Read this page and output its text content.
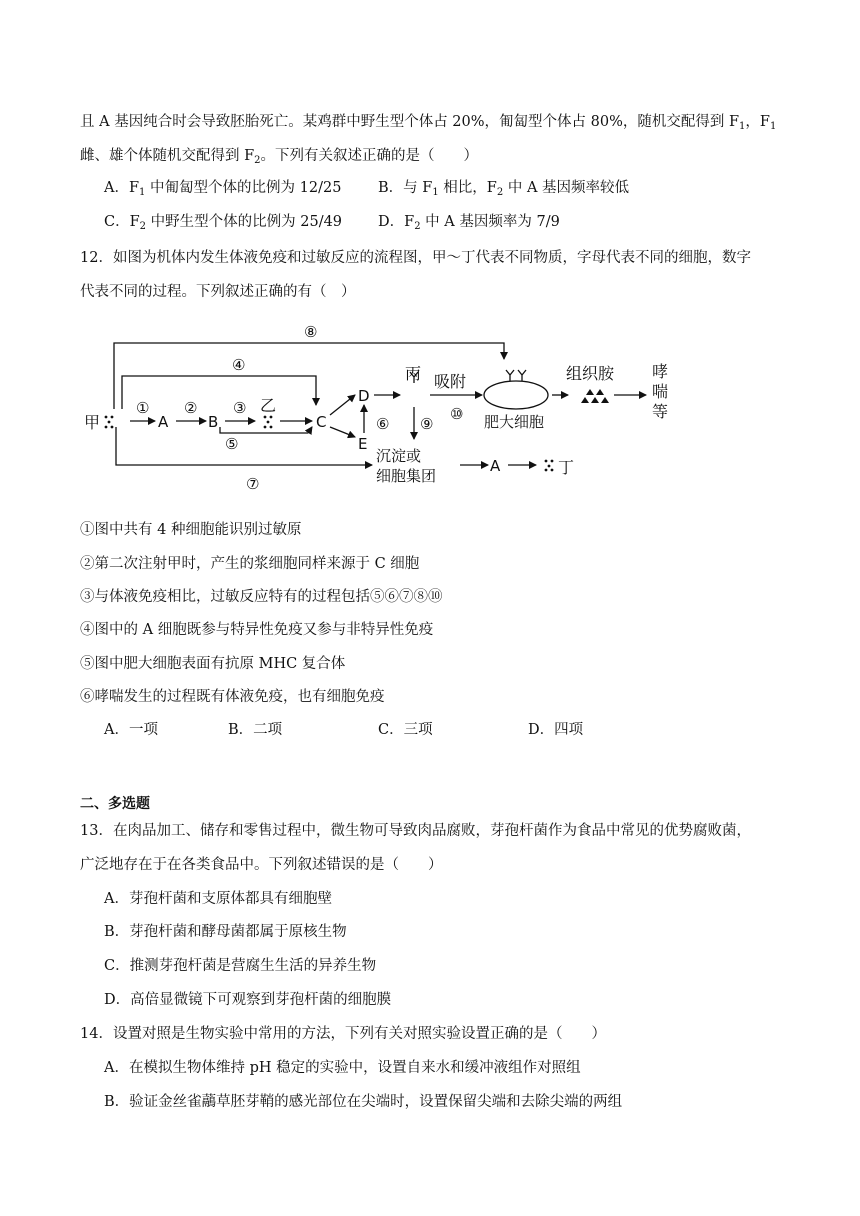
且 A 基因纯合时会导致胚胎死亡。某鸡群中野生型个体占 20%，匍匐型个体占 80%，随机交配得到 $F_1$，$F_1$
雌、雄个体随机交配得到 $F_2$。下列有关叙述正确的是（　　）
A．$F_1$ 中匍匐型个体的比例为 12/25	B．与 $F_1$ 相比，$F_2$ 中 A 基因频率较低
C．$F_2$ 中野生型个体的比例为 25/49 D．$F_2$ 中 A 基因频率为 7/9
12．如图为机体内发生体液免疫和过敏反应的流程图，甲～丁代表不同物质，字母代表不同的细胞，数字
代表不同的过程。下列叙述正确的有（　）
甲	A	B
乙
C
D
E
丙 吸附
肥大细胞
组织胺 哮
喘
等
沉淀或
细胞集团
A	丁
① ② ③
④
⑤
⑥
⑦
⑧
⑨
⑩
①图中共有 4 种细胞能识别过敏原
②第二次注射甲时，产生的浆细胞同样来源于 C 细胞
③与体液免疫相比，过敏反应特有的过程包括⑤⑥⑦⑧⑩
④图中的 A 细胞既参与特异性免疫又参与非特异性免疫
⑤图中肥大细胞表面有抗原 MHC 复合体
⑥哮喘发生的过程既有体液免疫，也有细胞免疫
A．一项	B．二项	C．三项	D．四项
二、多选题
13．在肉品加工、储存和零售过程中，微生物可导致肉品腐败，芽孢杆菌作为食品中常见的优势腐败菌，
广泛地存在于在各类食品中。下列叙述错误的是（　　）
A．芽孢杆菌和支原体都具有细胞壁
B．芽孢杆菌和酵母菌都属于原核生物
C．推测芽孢杆菌是营腐生生活的异养生物
D．高倍显微镜下可观察到芽孢杆菌的细胞膜
14．设置对照是生物实验中常用的方法，下列有关对照实验设置正确的是（　　）
A．在模拟生物体维持 pH 稳定的实验中，设置自来水和缓冲液组作对照组
B．验证金丝雀虉草胚芽鞘的感光部位在尖端时，设置保留尖端和去除尖端的两组
